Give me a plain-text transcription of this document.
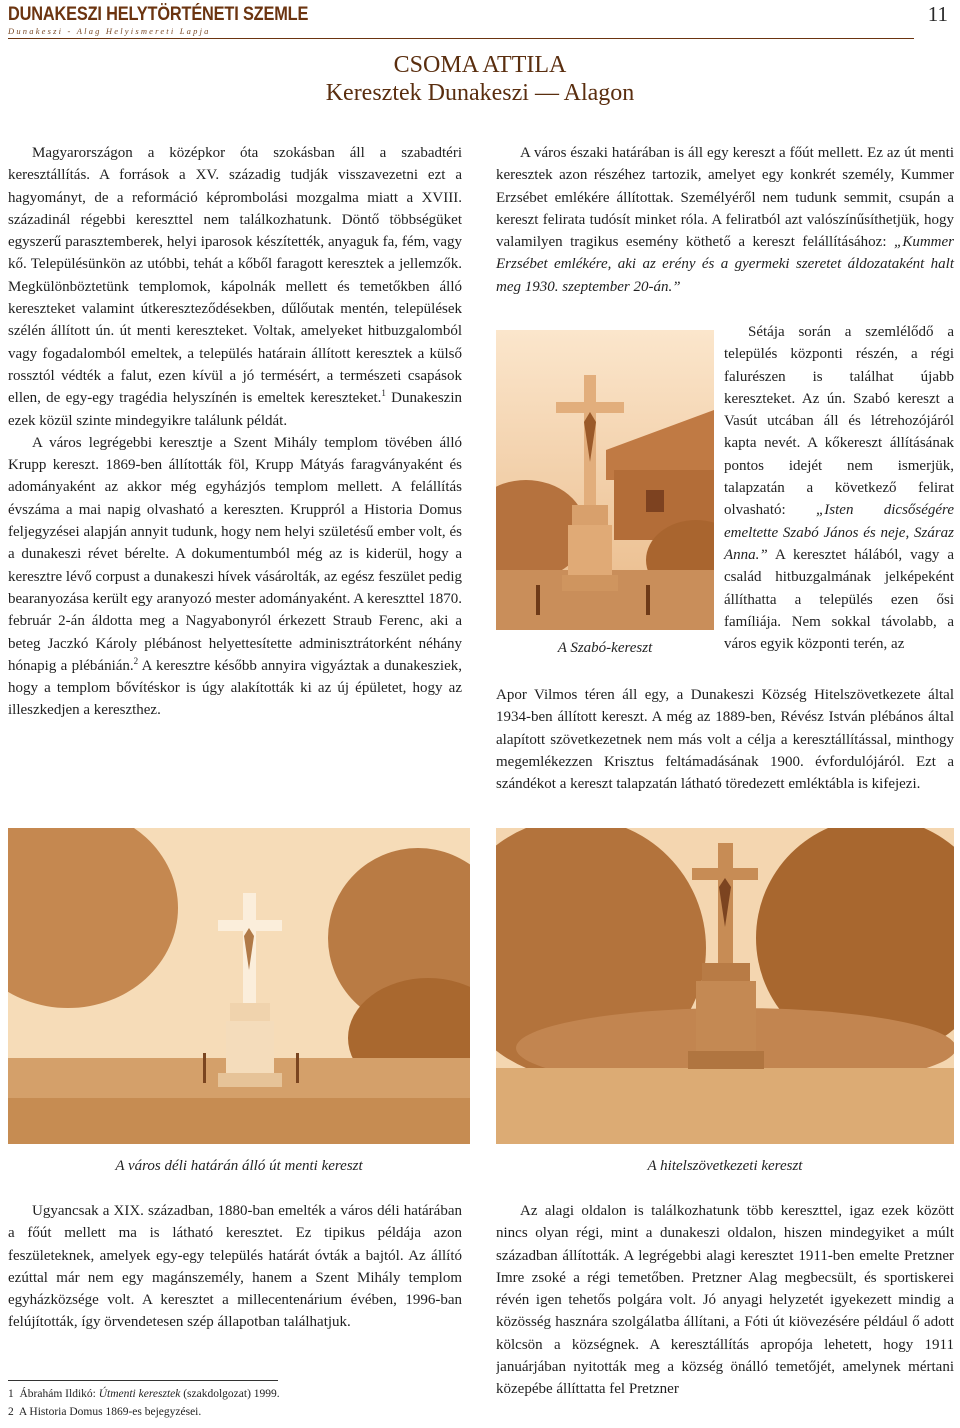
DUNAKESZI HELYTÖRTÉNETI SZEMLE
Dunakeszi - Alag Helyismereti Lapja
11
CSOMA ATTILA
Keresztek Dunakeszi — Alagon

Magyarországon a középkor óta szokásban áll a szabadtéri keresztállítás. A források a XV. századig tudják visszavezetni ezt a hagyományt, de a reformáció képrombolási mozgalma miatt a XVIII. századinál régebbi kereszttel nem találkozhatunk. Döntő többségüket egyszerű parasztemberek, helyi iparosok készítették, anyaguk fa, fém, vagy kő. Településünkön az utóbbi, tehát a kőből faragott keresztek a jellemzők. Megkülönböztetünk templomok, kápolnák mellett és temetőkben álló kereszteket valamint útkereszteződésekben, dűlőutak mentén, települések szélén állított ún. út menti kereszteket. Voltak, amelyeket hitbuzgalomból vagy fogadalomból emeltek, a település határain állított keresztek a külső rossztól védték a falut, ezen kívül a jó termésért, a természeti csapások ellen, de egy-egy tragédia helyszínén is emeltek kereszteket.$^1$ Dunakeszin ezek közül szinte mindegyikre találunk példát.

A város legrégebbi keresztje a Szent Mihály templom tövében álló Krupp kereszt. 1869-ben állították föl, Krupp Mátyás faragványaként és adományaként az akkor még egyházjós templom mellett. A felállítás évszáma a mai napig olvasható a kereszten. Kruppról a Historia Domus feljegyzései alapján annyit tudunk, hogy nem helyi születésű ember volt, és a dunakeszi révet bérelte. A dokumentumból még az is kiderül, hogy a keresztre lévő corpust a dunakeszi hívek vásárolták, az egész feszület pedig bearanyozása került egy aranyozó mester adományaként. A kereszttel 1870. február 2-án áldotta meg a Nagyabonyról érkezett Straub Ferenc, aki a beteg Jaczkó Károly plébánost helyettesítette adminisztrátorként néhány hónapig a plébánián.$^2$ A keresztre később annyira vigyáztak a dunakesziek, hogy a templom bővítéskor is úgy alakították ki az új épületet, hogy az illeszkedjen a kereszthez.

A város északi határában is áll egy kereszt a főút mellett. Ez az út menti keresztek azon részéhez tartozik, amelyet egy konkrét személy, Kummer Erzsébet emlékére állítottak. Személyéről nem tudunk semmit, csupán a kereszt felirata tudósít minket róla. A feliratból azt valószínűsíthetjük, hogy valamilyen tragikus esemény köthető a kereszt felállításához: „Kummer Erzsébet emlékére, aki az erény és a gyermeki szeretet áldozataként halt meg 1930. szeptember 20-án.”

Sétája során a szemlélődő a település központi részén, a régi falurészen is találhat újabb kereszteket. Az ún. Szabó kereszt a Vasút utcában áll és létrehozójáról kapta nevét. A kőkereszt állításának pontos idejét nem ismerjük, talapzatán a következő felirat olvasható: „Isten dicsőségére emeltette Szabó János és neje, Száraz Anna.” A keresztet hálából, vagy a család hitbuzgalmának jelképeként állíthatta a település ezen ősi famíliája. Nem sokkal távolabb, a város egyik központi terén, az

A Szabó-kereszt

Apor Vilmos téren áll egy, a Dunakeszi Község Hitelszövetkezete által 1934-ben állított kereszt. A még az 1889-ben, Révész István plébános által alapított szövetkezetnek nem más volt a célja a keresztállítással, minthogy megemlékezzen Krisztus feltámadásának 1900. évfordulójáról. Ezt a szándékot a kereszt talapzatán látható töredezett emléktábla is kifejezi.

A város déli határán álló út menti kereszt	A hitelszövetkezeti kereszt

Ugyancsak a XIX. században, 1880-ban emelték a város déli határában a főút mellett ma is látható keresztet. Ez tipikus példája azon feszületeknek, amelyek egy-egy település határát óvták a bajtól. Az állító ezúttal már nem egy magánszemély, hanem a Szent Mihály templom egyházközsége volt. A keresztet a millecentenárium évében, 1996-ban felújították, így örvendetesen szép állapotban találhatjuk.

Az alagi oldalon is találkozhatunk több kereszttel, igaz ezek között nincs olyan régi, mint a dunakeszi oldalon, hiszen mindegyiket a múlt században állították. A legrégebbi alagi keresztet 1911-ben emelte Pretzner Imre zsoké a régi temetőben. Pretzner Alag megbecsült, és sportiskerei révén igen tehetős polgára volt. Jó anyagi helyzetét igyekezett mindig a közösség hasznára szolgálatba állítani, a Fóti út kiövezésére például ő adott kölcsön a községnek. A keresztállítás apropója lehetett, hogy 1911 januárjában nyitották meg a község önálló temetőjét, amelynek mértani közepébe állíttatta fel Pretzner

1 Ábrahám Ildikó: Útmenti keresztek (szakdolgozat) 1999.
2 A Historia Domus 1869-es bejegyzései.
